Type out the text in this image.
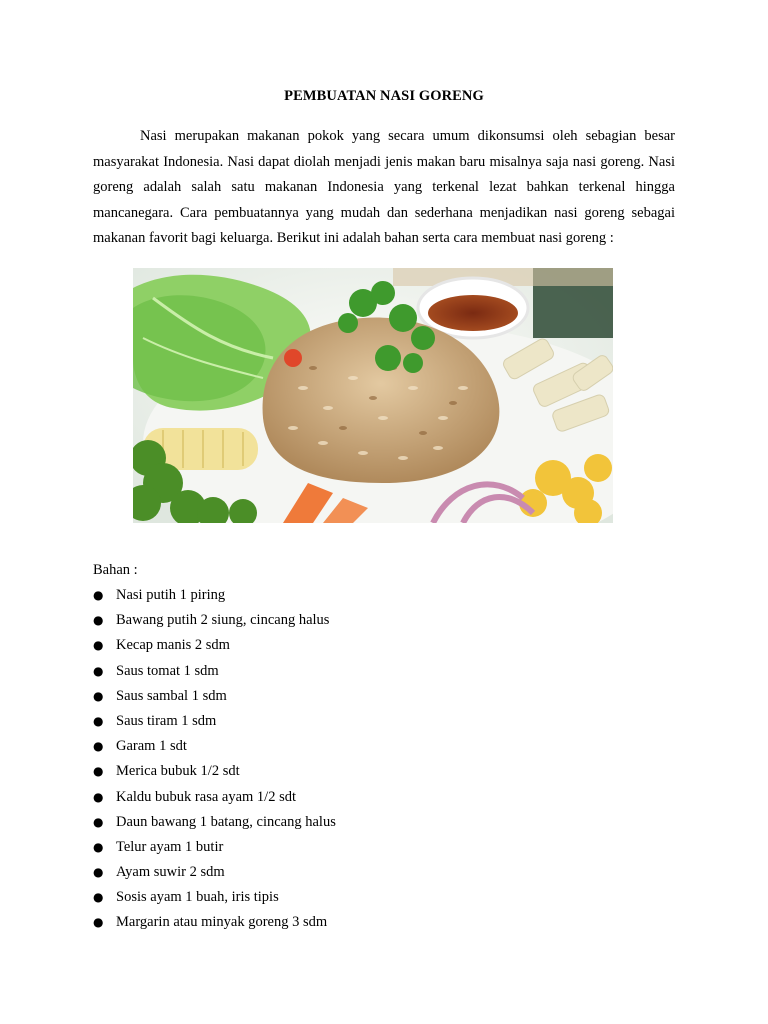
PEMBUATAN NASI GORENG

Nasi merupakan makanan pokok yang secara umum dikonsumsi oleh sebagian besar masyarakat Indonesia. Nasi dapat diolah menjadi jenis makan baru misalnya saja nasi goreng. Nasi goreng adalah salah satu makanan Indonesia yang terkenal lezat bahkan terkenal hingga mancanegara. Cara pembuatannya yang mudah dan sederhana menjadikan nasi goreng sebagai makanan favorit bagi keluarga. Berikut ini adalah bahan serta cara membuat nasi goreng :

Bahan :
● Nasi putih 1 piring
● Bawang putih 2 siung, cincang halus
● Kecap manis 2 sdm
● Saus tomat 1 sdm
● Saus sambal 1 sdm
● Saus tiram 1 sdm
● Garam 1 sdt
● Merica bubuk 1/2 sdt
● Kaldu bubuk rasa ayam 1/2 sdt
● Daun bawang 1 batang, cincang halus
● Telur ayam 1 butir
● Ayam suwir 2 sdm
● Sosis ayam 1 buah, iris tipis
● Margarin atau minyak goreng 3 sdm
